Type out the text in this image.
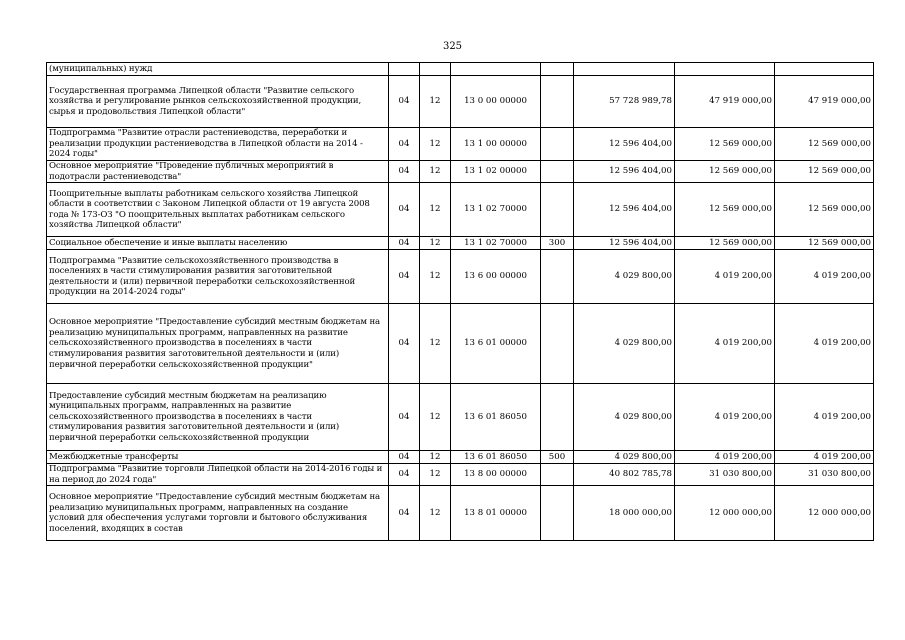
325
(муниципальных) нужд							
Государственная программа Липецкой области "Развитие сельского хозяйства и регулирование рынков сельскохозяйственной продукции, сырья и продовольствия Липецкой области"	04	12	13 0 00 00000		57 728 989,78	47 919 000,00	47 919 000,00
Подпрограмма "Развитие отрасли растениеводства, переработки и реализации продукции растениеводства в Липецкой области на 2014 - 2024 годы"	04	12	13 1 00 00000		12 596 404,00	12 569 000,00	12 569 000,00
Основное мероприятие "Проведение публичных мероприятий в подотрасли растениеводства"	04	12	13 1 02 00000		12 596 404,00	12 569 000,00	12 569 000,00
Поощрительные выплаты работникам сельского хозяйства Липецкой области в соответствии с Законом Липецкой области от 19 августа 2008 года № 173-ОЗ "О поощрительных выплатах работникам сельского хозяйства Липецкой области"	04	12	13 1 02 70000		12 596 404,00	12 569 000,00	12 569 000,00
Социальное обеспечение и иные выплаты населению	04	12	13 1 02 70000	300	12 596 404,00	12 569 000,00	12 569 000,00
Подпрограмма "Развитие сельскохозяйственного производства в поселениях в части стимулирования развития заготовительной деятельности и (или) первичной переработки сельскохозяйственной продукции на 2014-2024 годы"	04	12	13 6 00 00000		4 029 800,00	4 019 200,00	4 019 200,00
Основное мероприятие "Предоставление субсидий местным бюджетам на реализацию муниципальных программ, направленных на развитие сельскохозяйственного производства в поселениях в части стимулирования развития заготовительной деятельности и (или) первичной переработки сельскохозяйственной продукции"	04	12	13 6 01 00000		4 029 800,00	4 019 200,00	4 019 200,00
Предоставление субсидий местным бюджетам на реализацию муниципальных программ, направленных на развитие сельскохозяйственного производства в поселениях в части стимулирования развития заготовительной деятельности и (или) первичной переработки сельскохозяйственной продукции	04	12	13 6 01 86050		4 029 800,00	4 019 200,00	4 019 200,00
Межбюджетные трансферты	04	12	13 6 01 86050	500	4 029 800,00	4 019 200,00	4 019 200,00
Подпрограмма "Развитие торговли Липецкой области на 2014-2016 годы и на период до 2024 года"	04	12	13 8 00 00000		40 802 785,78	31 030 800,00	31 030 800,00
Основное мероприятие "Предоставление субсидий местным бюджетам на реализацию муниципальных программ, направленных на создание условий для обеспечения услугами торговли и бытового обслуживания поселений, входящих в состав	04	12	13 8 01 00000		18 000 000,00	12 000 000,00	12 000 000,00
